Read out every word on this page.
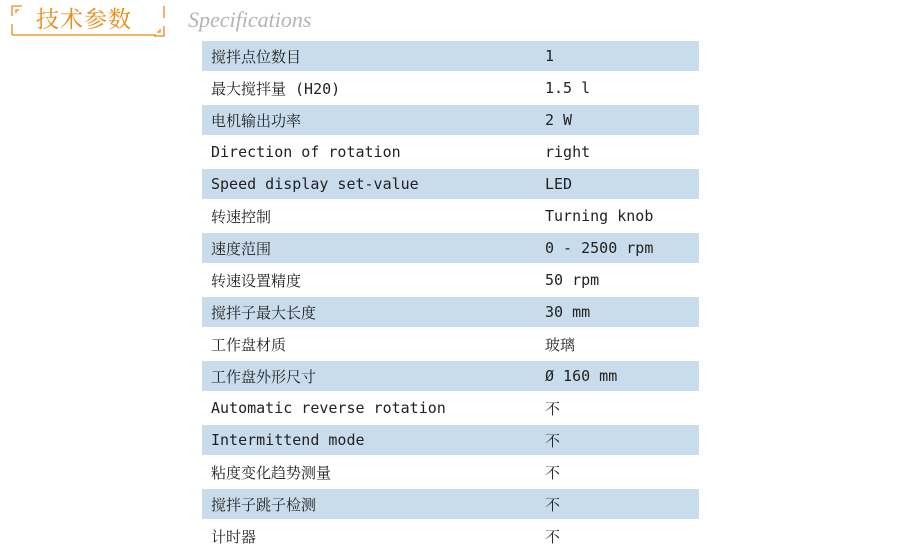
技术参数	Specifications
搅拌点位数目	1
最大搅拌量 (H20)	1.5 l
电机输出功率	2 W
Direction of rotation	right
Speed display set-value	LED
转速控制	Turning knob
速度范围	0 - 2500 rpm
转速设置精度	50 rpm
搅拌子最大长度	30 mm
工作盘材质	玻璃
工作盘外形尺寸	Ø 160 mm
Automatic reverse rotation	不
Intermittend mode	不
粘度变化趋势测量	不
搅拌子跳子检测	不
计时器	不
